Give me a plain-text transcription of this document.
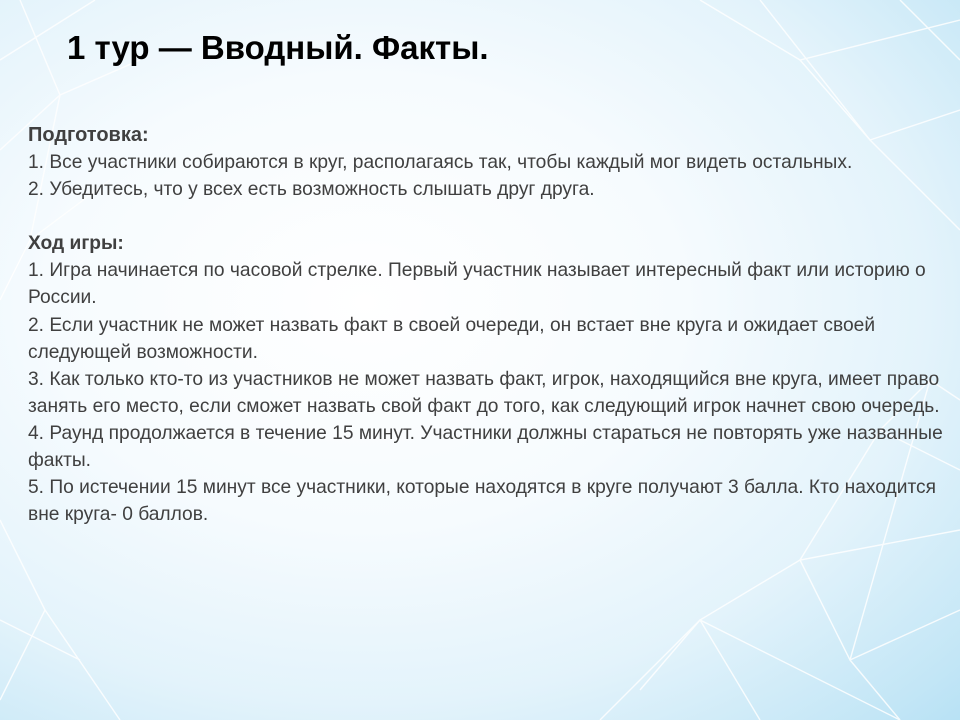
1 тур — Вводный. Факты.

Подготовка:

1. Все участники собираются в круг, располагаясь так, чтобы каждый мог видеть остальных.

2. Убедитесь, что у всех есть возможность слышать друг друга.

Ход игры:

1. Игра начинается по часовой стрелке. Первый участник называет интересный факт или историю о России.

2. Если участник не может назвать факт в своей очереди, он встает вне круга и ожидает своей следующей возможности.

3. Как только кто-то из участников не может назвать факт, игрок, находящийся вне круга, имеет право занять его место, если сможет назвать свой факт до того, как следующий игрок начнет свою очередь.

4. Раунд продолжается в течение 15 минут. Участники должны стараться не повторять уже названные факты.

5. По истечении 15 минут все участники, которые находятся в круге получают 3 балла. Кто находится вне круга- 0 баллов.
